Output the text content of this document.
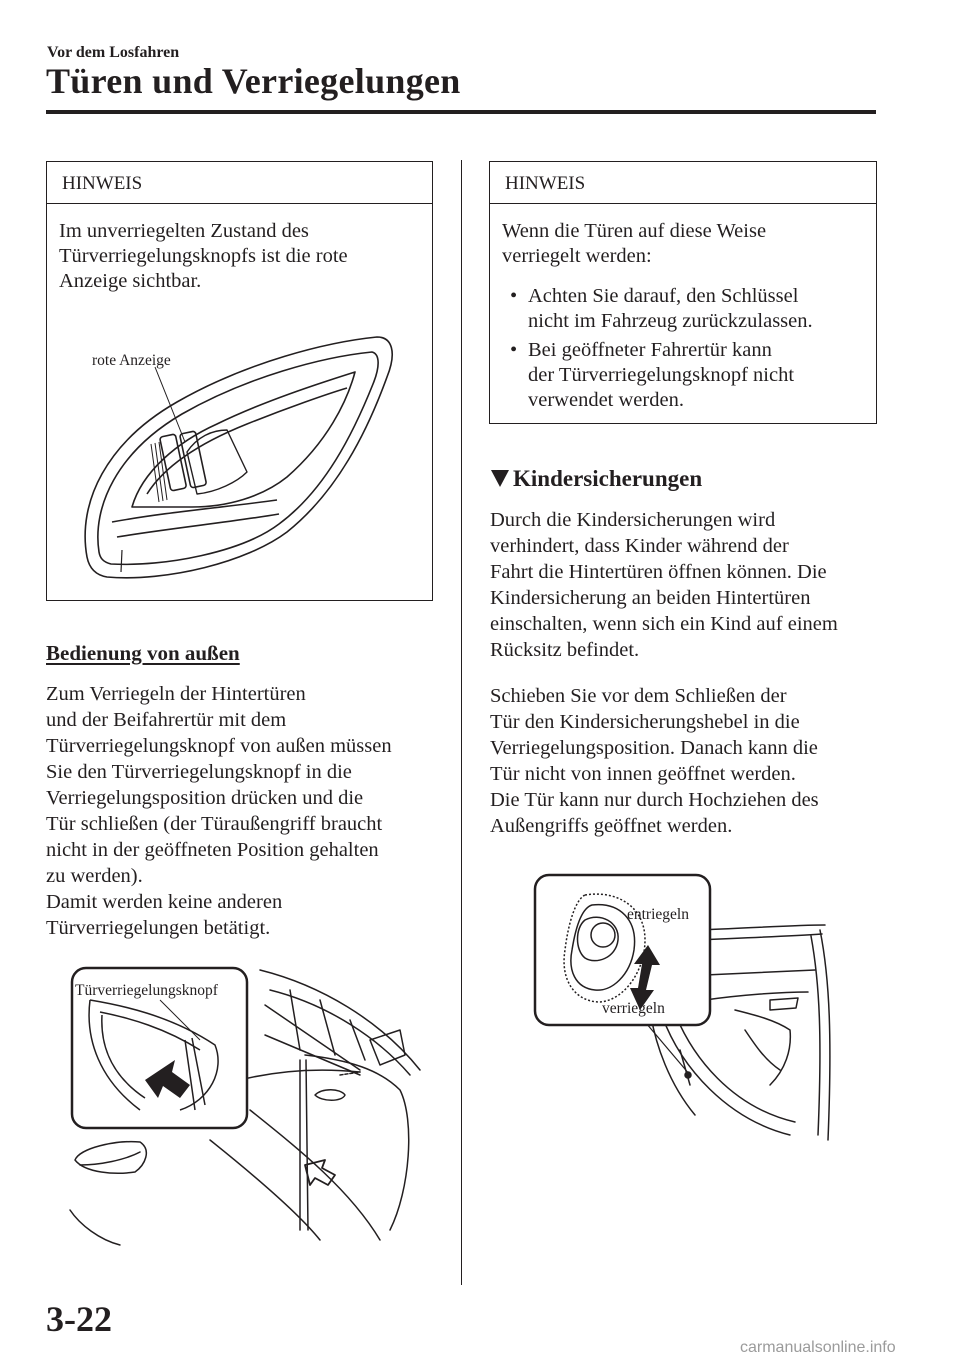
Vor dem Losfahren
Türen und Verriegelungen
HINWEIS
Im unverriegelten Zustand des
Türverriegelungsknopfs ist die rote
Anzeige sichtbar.
rote Anzeige
Bedienung von außen
Zum Verriegeln der Hintertüren
und der Beifahrertür mit dem
Türverriegelungsknopf von außen müssen
Sie den Türverriegelungsknopf in die
Verriegelungsposition drücken und die
Tür schließen (der Türaußengriff braucht
nicht in der geöffneten Position gehalten
zu werden).
Damit werden keine anderen
Türverriegelungen betätigt.
Türverriegelungsknopf
HINWEIS
Wenn die Türen auf diese Weise
verriegelt werden:
• Achten Sie darauf, den Schlüssel
nicht im Fahrzeug zurückzulassen.
• Bei geöffneter Fahrertür kann
der Türverriegelungsknopf nicht
verwendet werden.
Kindersicherungen
Durch die Kindersicherungen wird
verhindert, dass Kinder während der
Fahrt die Hintertüren öffnen können. Die
Kindersicherung an beiden Hintertüren
einschalten, wenn sich ein Kind auf einem
Rücksitz befindet.
Schieben Sie vor dem Schließen der
Tür den Kindersicherungshebel in die
Verriegelungsposition. Danach kann die
Tür nicht von innen geöffnet werden.
Die Tür kann nur durch Hochziehen des
Außengriffs geöffnet werden.
entriegeln
verriegeln
3-22
carmanualsonline.info
